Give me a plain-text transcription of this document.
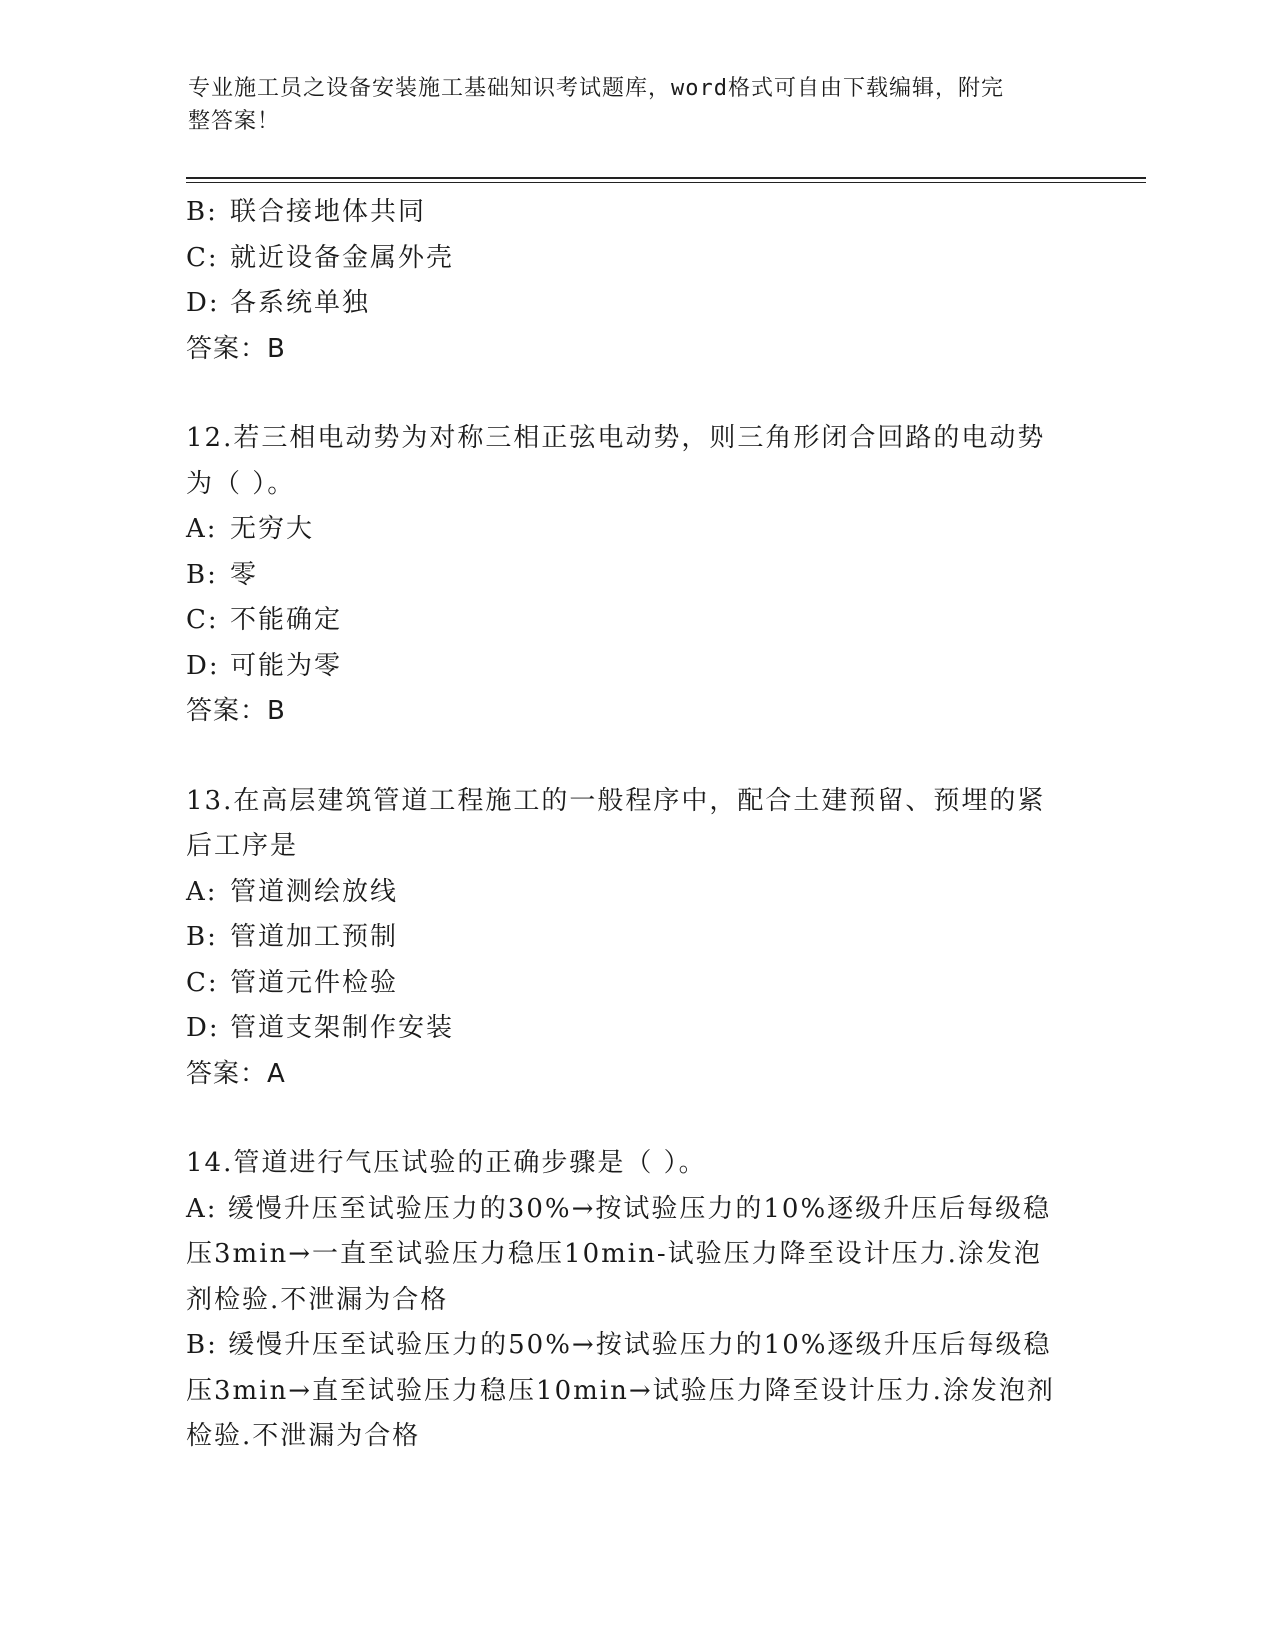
专业施工员之设备安装施工基础知识考试题库，word格式可自由下载编辑，附完
整答案！
B: 联合接地体共同
C: 就近设备金属外壳
D: 各系统单独
答案：B
12.若三相电动势为对称三相正弦电动势，则三角形闭合回路的电动势
为（ ）。
A: 无穷大
B: 零
C: 不能确定
D: 可能为零
答案：B
13.在高层建筑管道工程施工的一般程序中，配合土建预留、预埋的紧
后工序是
A: 管道测绘放线
B: 管道加工预制
C: 管道元件检验
D: 管道支架制作安装
答案：A
14.管道进行气压试验的正确步骤是（ ）。
A: 缓慢升压至试验压力的30%→按试验压力的10%逐级升压后每级稳
压3min→一直至试验压力稳压10min-试验压力降至设计压力.涂发泡
剂检验.不泄漏为合格
B: 缓慢升压至试验压力的50%→按试验压力的10%逐级升压后每级稳
压3min→直至试验压力稳压10min→试验压力降至设计压力.涂发泡剂
检验.不泄漏为合格
